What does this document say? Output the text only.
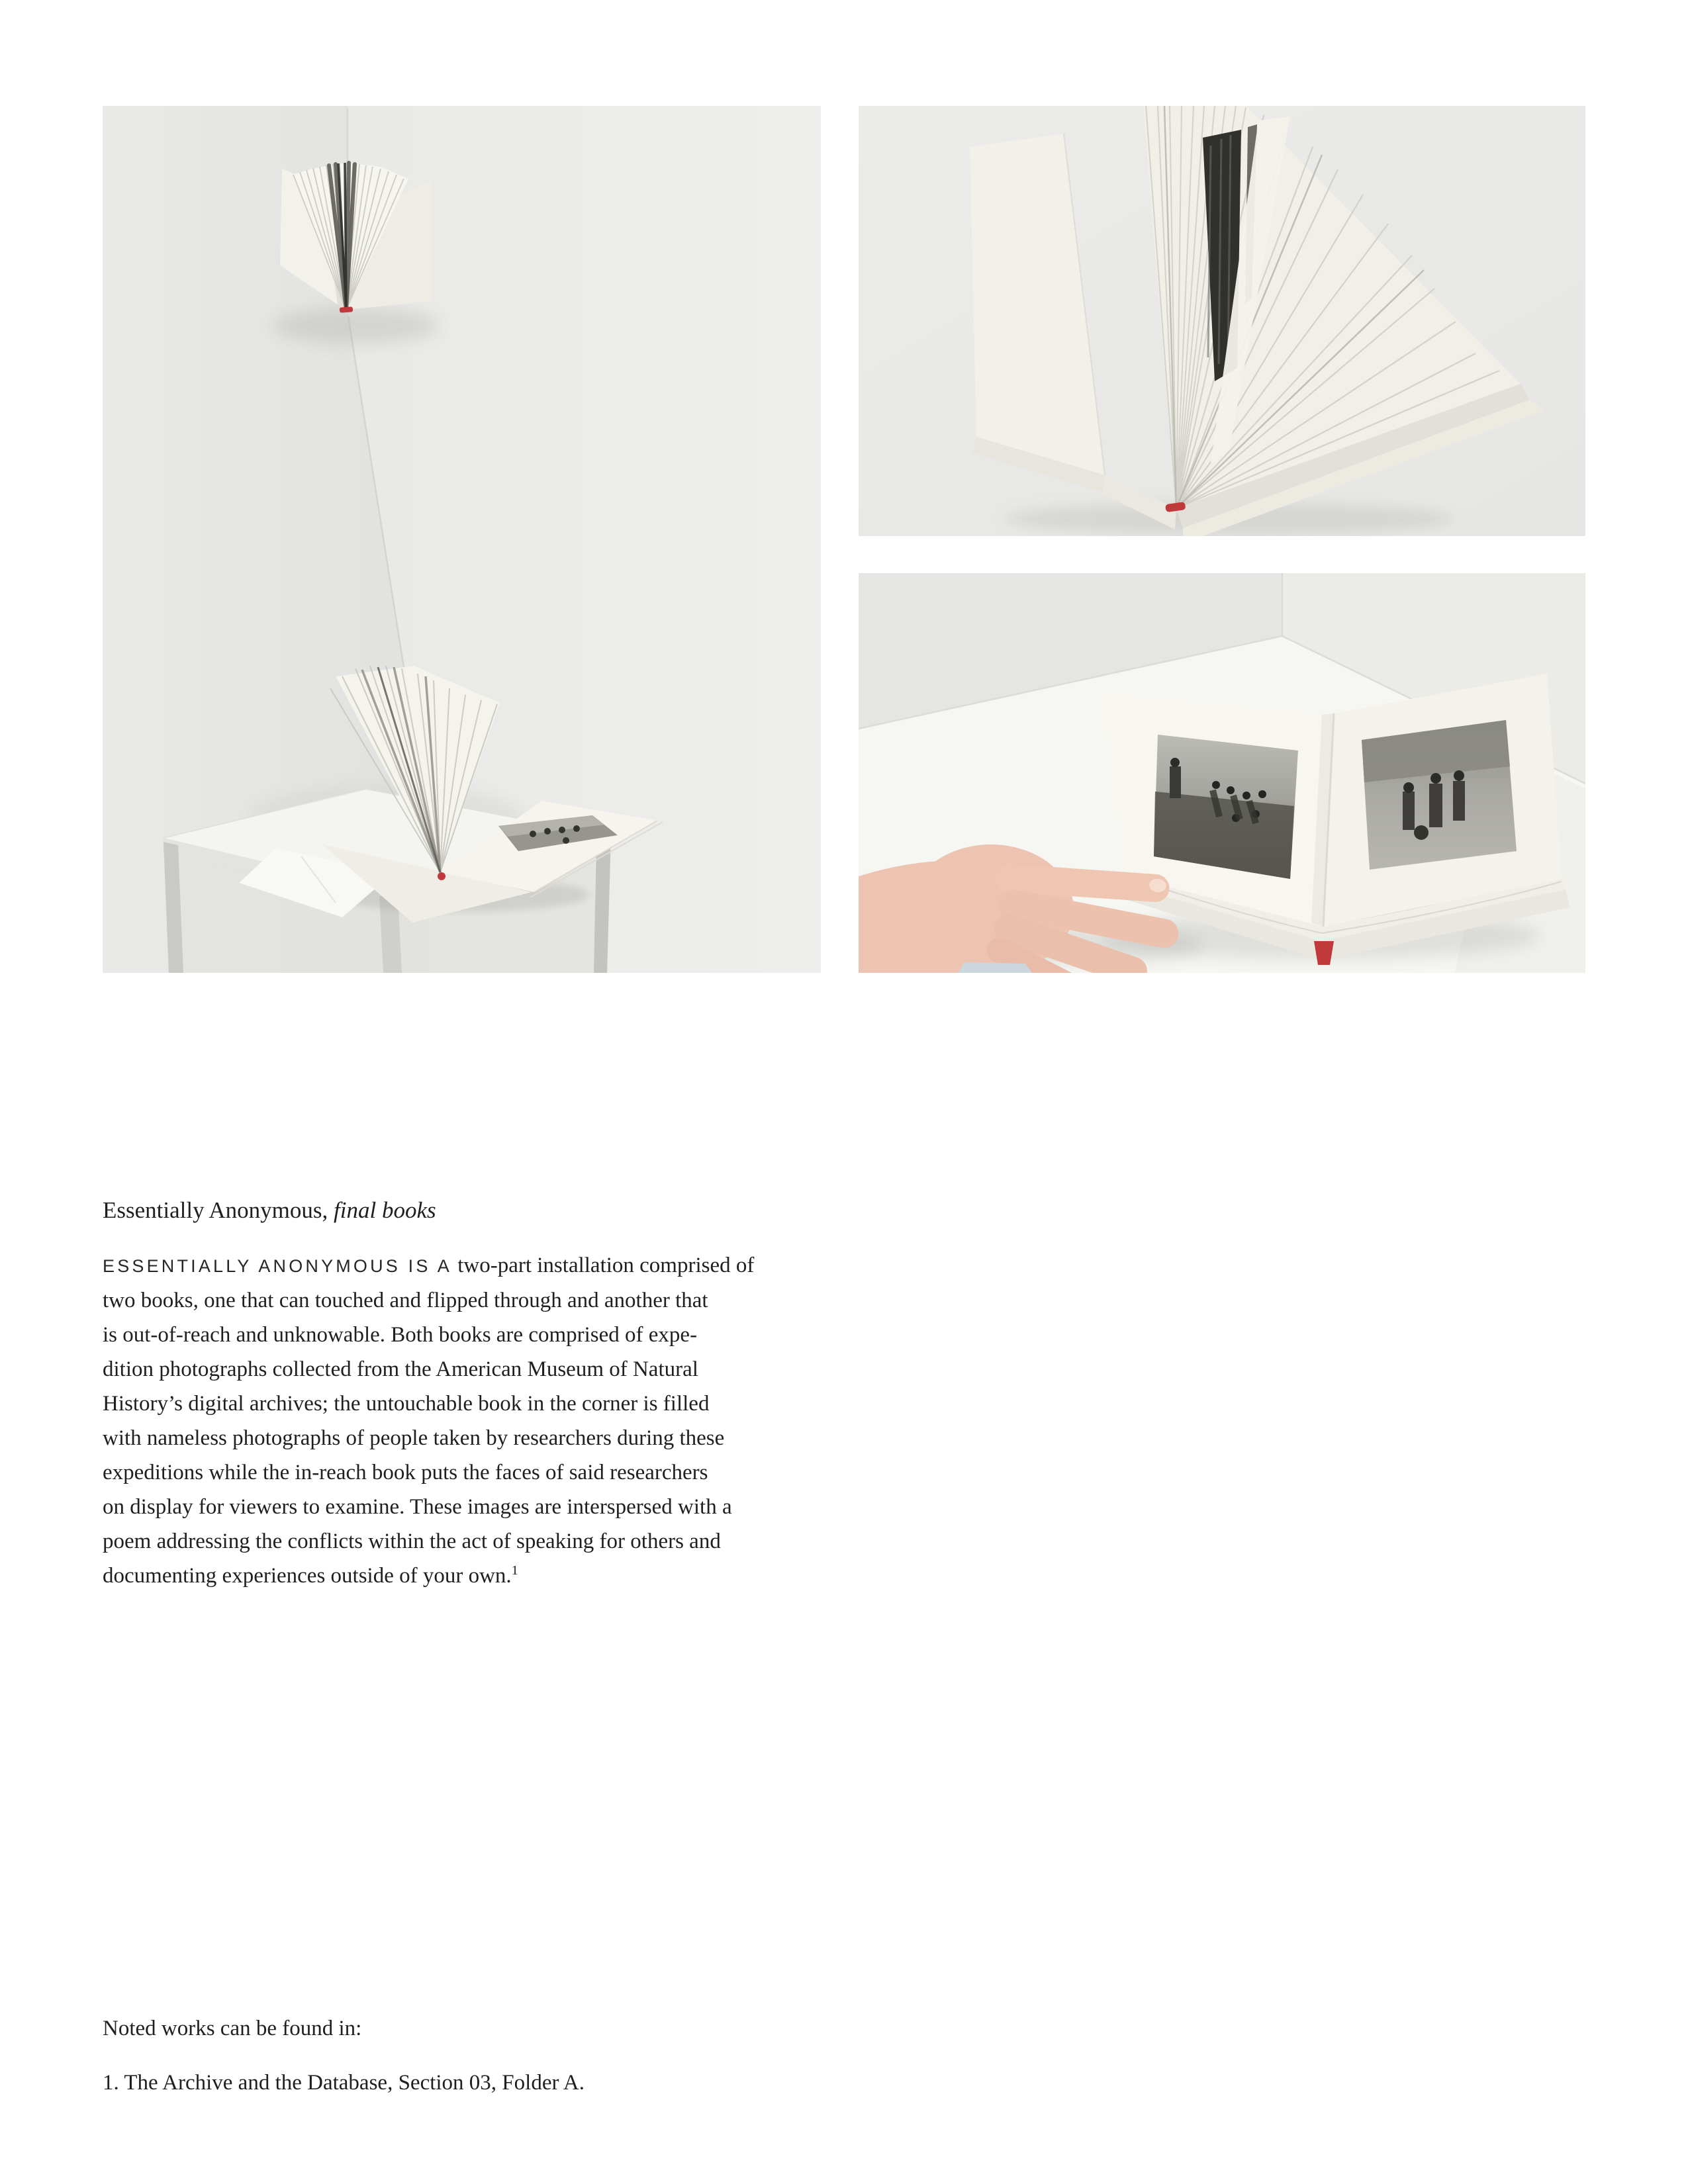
Essentially Anonymous, final books
ESSENTIALLY ANONYMOUS IS A two-part installation comprised of
two books, one that can touched and flipped through and another that
is out-of-reach and unknowable. Both books are comprised of expe-
dition photographs collected from the American Museum of Natural
History’s digital archives; the untouchable book in the corner is filled
with nameless photographs of people taken by researchers during these
expeditions while the in-reach book puts the faces of said researchers
on display for viewers to examine. These images are interspersed with a
poem addressing the conflicts within the act of speaking for others and
documenting experiences outside of your own.$^1$
Noted works can be found in:
1. The Archive and the Database, Section 03, Folder A.
